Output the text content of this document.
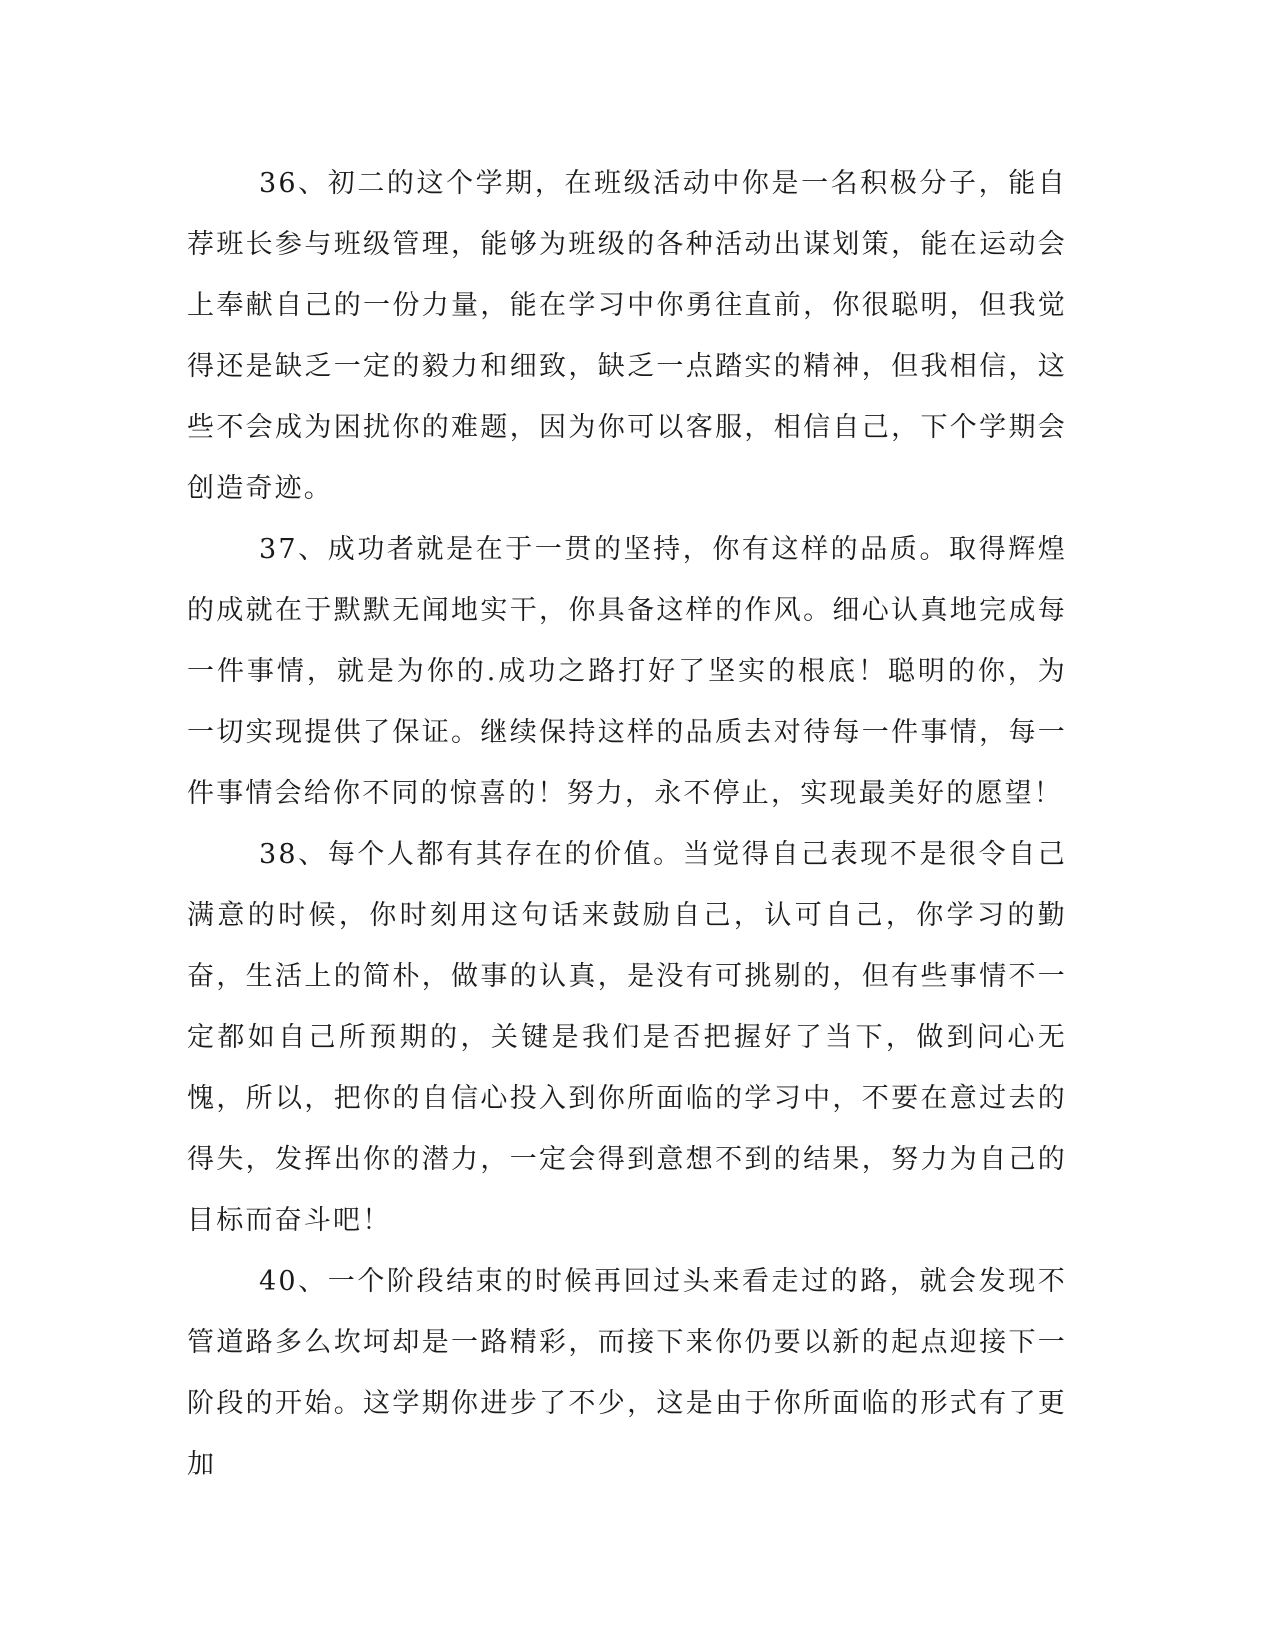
36、初二的这个学期，在班级活动中你是一名积极分子，能自荐班长参与班级管理，能够为班级的各种活动出谋划策，能在运动会上奉献自己的一份力量，能在学习中你勇往直前，你很聪明，但我觉得还是缺乏一定的毅力和细致，缺乏一点踏实的精神，但我相信，这些不会成为困扰你的难题，因为你可以客服，相信自己，下个学期会创造奇迹。

37、成功者就是在于一贯的坚持，你有这样的品质。取得辉煌的成就在于默默无闻地实干，你具备这样的作风。细心认真地完成每一件事情，就是为你的.成功之路打好了坚实的根底！聪明的你，为一切实现提供了保证。继续保持这样的品质去对待每一件事情，每一件事情会给你不同的惊喜的！努力，永不停止，实现最美好的愿望！

38、每个人都有其存在的价值。当觉得自己表现不是很令自己满意的时候，你时刻用这句话来鼓励自己，认可自己，你学习的勤奋，生活上的简朴，做事的认真，是没有可挑剔的，但有些事情不一定都如自己所预期的，关键是我们是否把握好了当下，做到问心无愧，所以，把你的自信心投入到你所面临的学习中，不要在意过去的得失，发挥出你的潜力，一定会得到意想不到的结果，努力为自己的目标而奋斗吧！

40、一个阶段结束的时候再回过头来看走过的路，就会发现不管道路多么坎坷却是一路精彩，而接下来你仍要以新的起点迎接下一阶段的开始。这学期你进步了不少，这是由于你所面临的形式有了更加
